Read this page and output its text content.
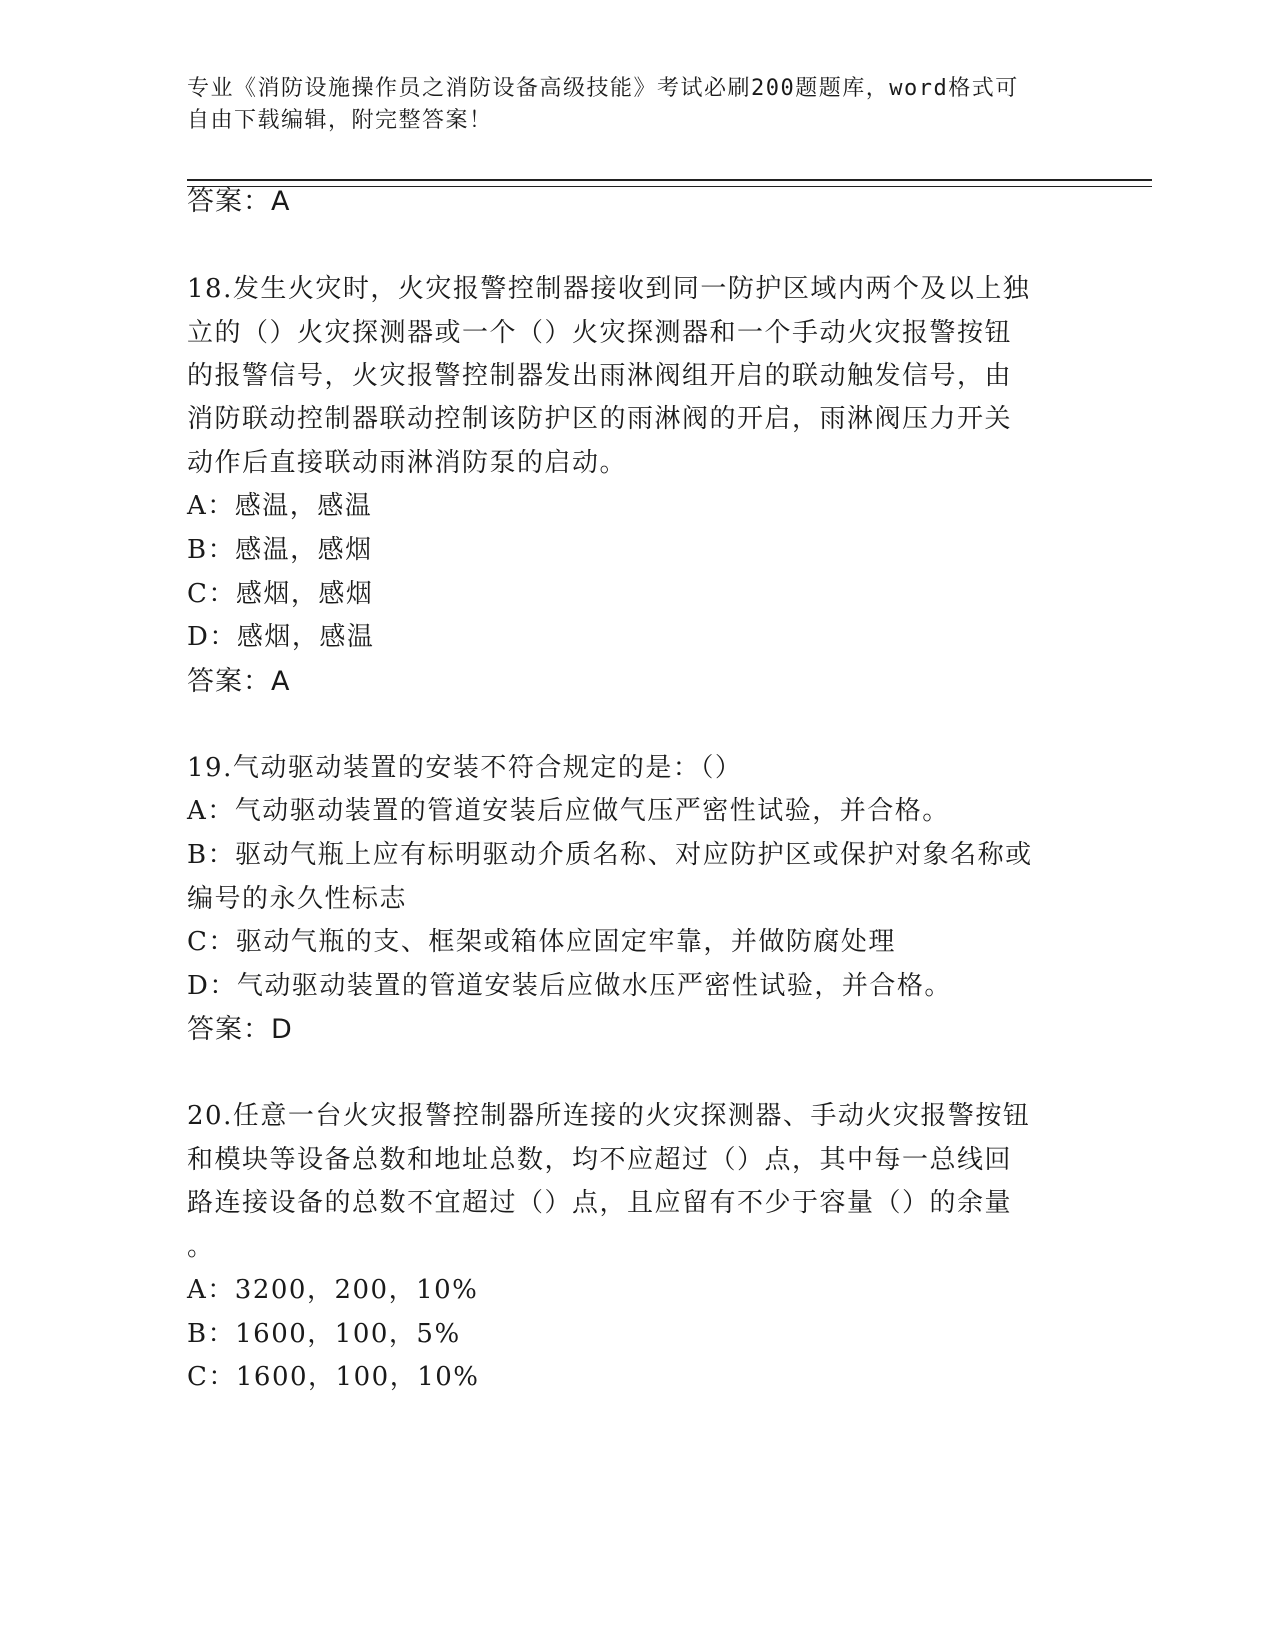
专业《消防设施操作员之消防设备高级技能》考试必刷200题题库，word格式可
自由下载编辑，附完整答案！
答案：A
18.发生火灾时，火灾报警控制器接收到同一防护区域内两个及以上独
立的（）火灾探测器或一个（）火灾探测器和一个手动火灾报警按钮
的报警信号，火灾报警控制器发出雨淋阀组开启的联动触发信号，由
消防联动控制器联动控制该防护区的雨淋阀的开启，雨淋阀压力开关
动作后直接联动雨淋消防泵的启动。
A：感温，感温
B：感温，感烟
C：感烟，感烟
D：感烟，感温
答案：A
19.气动驱动装置的安装不符合规定的是：（）
A：气动驱动装置的管道安装后应做气压严密性试验，并合格。
B：驱动气瓶上应有标明驱动介质名称、对应防护区或保护对象名称或
编号的永久性标志
C：驱动气瓶的支、框架或箱体应固定牢靠，并做防腐处理
D：气动驱动装置的管道安装后应做水压严密性试验，并合格。
答案：D
20.任意一台火灾报警控制器所连接的火灾探测器、手动火灾报警按钮
和模块等设备总数和地址总数，均不应超过（）点，其中每一总线回
路连接设备的总数不宜超过（）点，且应留有不少于容量（）的余量
。
A：3200，200，10%
B：1600，100，5%
C：1600，100，10%
